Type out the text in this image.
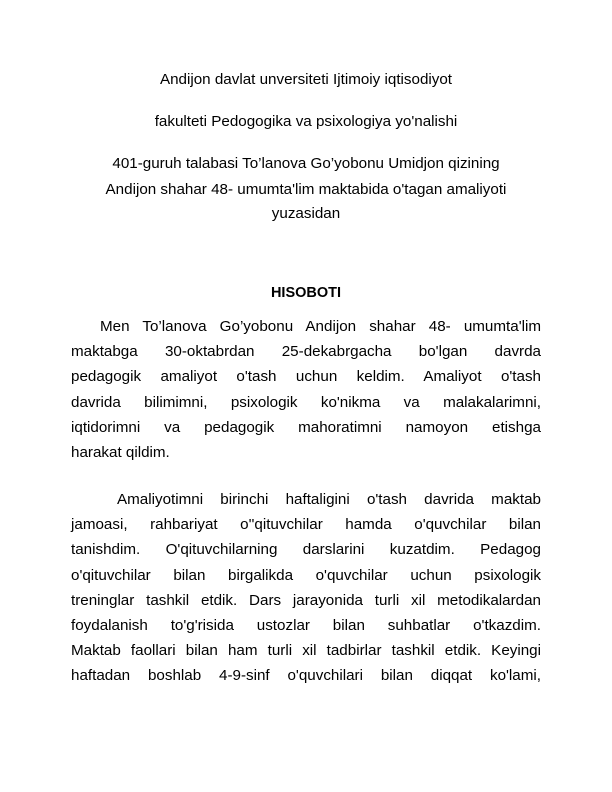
Andijon davlat unversiteti Ijtimoiy iqtisodiyot
fakulteti Pedogogika va psixologiya yo'nalishi
401-guruh talabasi To’lanova Go’yobonu Umidjon qizining
Andijon shahar 48- umumta'lim maktabida o'tagan amaliyoti
yuzasidan
HISOBOTI
Men To’lanova Go’yobonu Andijon shahar 48- umumta'lim
maktabga 30-oktabrdan 25-dekabrgacha bo'lgan davrda
pedagogik amaliyot o'tash uchun keldim. Amaliyot o'tash
davrida bilimimni, psixologik ko'nikma va malakalarimni,
iqtidorimni va pedagogik mahoratimni namoyon etishga
harakat qildim.
Amaliyotimni birinchi haftaligini o'tash davrida maktab
jamoasi, rahbariyat o''qituvchilar hamda o'quvchilar bilan
tanishdim. O'qituvchilarning darslarini kuzatdim. Pedagog
o'qituvchilar bilan birgalikda o'quvchilar uchun psixologik
treninglar tashkil etdik. Dars jarayonida turli xil metodikalardan
foydalanish to'g'risida ustozlar bilan suhbatlar o'tkazdim.
Maktab faollari bilan ham turli xil tadbirlar tashkil etdik. Keyingi
haftadan boshlab 4-9-sinf o'quvchilari bilan diqqat ko'lami,
